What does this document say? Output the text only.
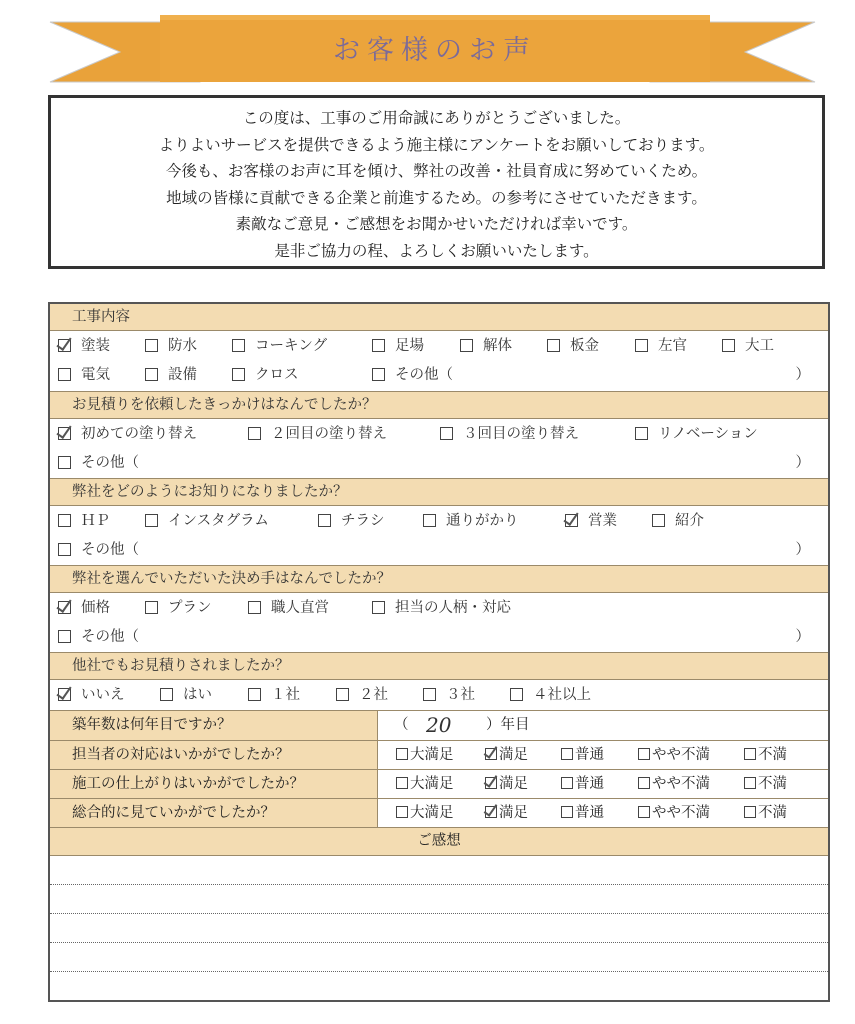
お客様のお声

この度は、工事のご用命誠にありがとうございました。

よりよいサービスを提供できるよう施主様にアンケートをお願いしております。

今後も、お客様のお声に耳を傾け、弊社の改善・社員育成に努めていくため。

地域の皆様に貢献できる企業と前進するため。の参考にさせていただきます。

素敵なご意見・ご感想をお聞かせいただければ幸いです。

是非ご協力の程、よろしくお願いいたします。

工事内容
塗装	防水	コーキング	足場	解体	板金	左官	大工
電気	設備	クロス	その他（	）
お見積りを依頼したきっかけはなんでしたか？
初めての塗り替え	２回目の塗り替え	３回目の塗り替え	リノベーション
その他（	）
弊社をどのようにお知りになりましたか？
ＨＰ	インスタグラム	チラシ	通りがかり	営業	紹介
その他（	）
弊社を選んでいただいた決め手はなんでしたか？
価格	プラン	職人直営	担当の人柄・対応
その他（	）
他社でもお見積りされましたか？
いいえ	はい	１社	２社	３社	４社以上
築年数は何年目ですか？	（ 20 ）年目
担当者の対応はいかがでしたか？	大満足	満足	普通	やや不満	不満
施工の仕上がりはいかがでしたか？	大満足	満足	普通	やや不満	不満
総合的に見ていかがでしたか？	大満足	満足	普通	やや不満	不満
ご感想
